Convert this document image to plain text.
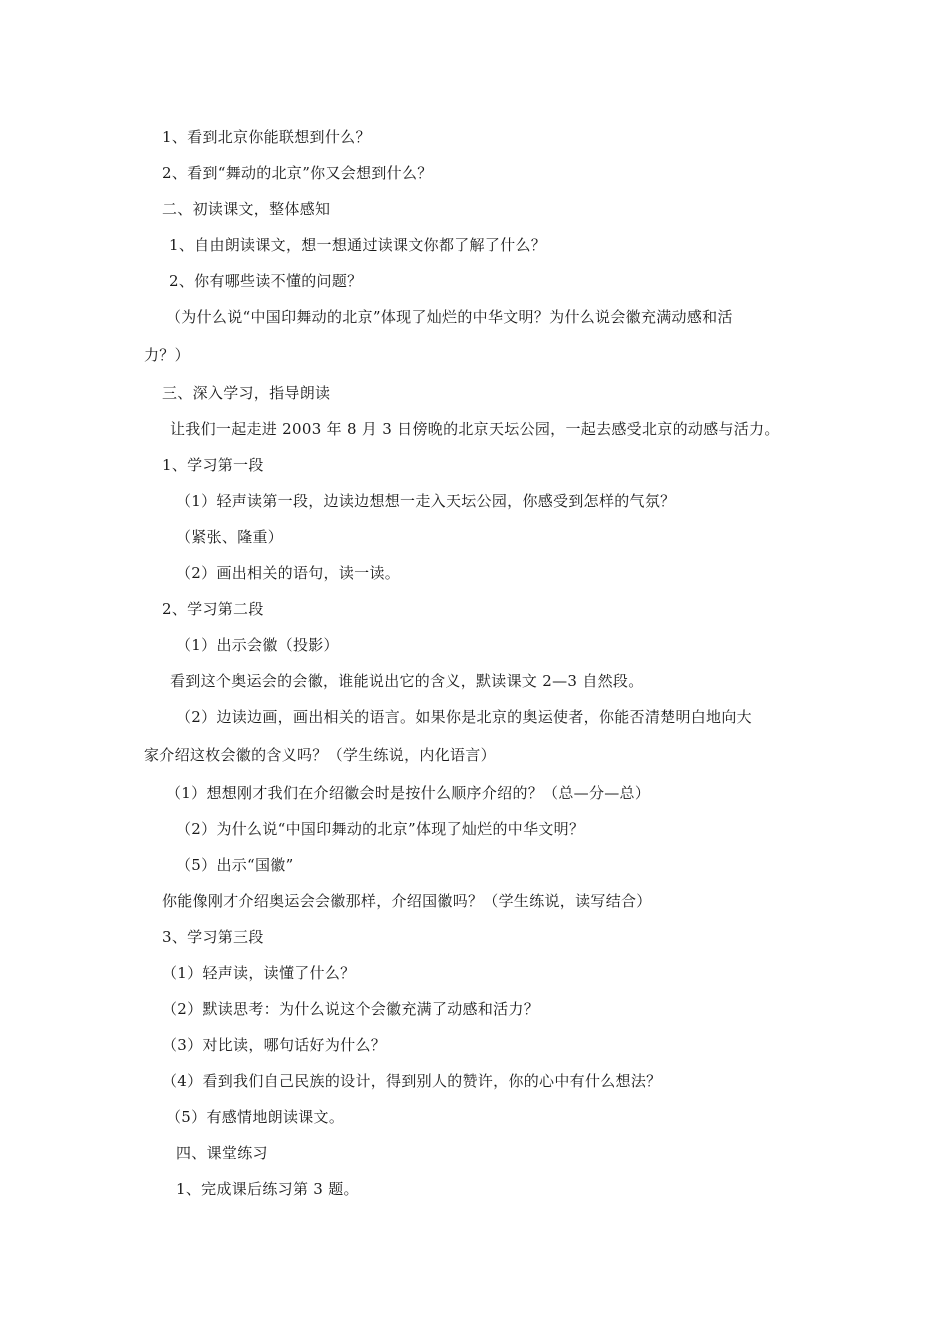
1、看到北京你能联想到什么？
2、看到“舞动的北京”你又会想到什么？
二、初读课文，整体感知
1、自由朗读课文，想一想通过读课文你都了解了什么？
2、你有哪些读不懂的问题？
（为什么说“中国印舞动的北京”体现了灿烂的中华文明？为什么说会徽充满动感和活
力？）
三、深入学习，指导朗读
让我们一起走进 2003 年 8 月 3 日傍晚的北京天坛公园，一起去感受北京的动感与活力。
1、学习第一段
（1）轻声读第一段，边读边想想一走入天坛公园，你感受到怎样的气氛？
（紧张、隆重）
（2）画出相关的语句，读一读。
2、学习第二段
（1）出示会徽（投影）
看到这个奥运会的会徽，谁能说出它的含义，默读课文 2—3 自然段。
（2）边读边画，画出相关的语言。如果你是北京的奥运使者，你能否清楚明白地向大
家介绍这枚会徽的含义吗？（学生练说，内化语言）
（1）想想刚才我们在介绍徽会时是按什么顺序介绍的？（总—分—总）
（2）为什么说“中国印舞动的北京”体现了灿烂的中华文明？
（5）出示“国徽”
你能像刚才介绍奥运会会徽那样，介绍国徽吗？（学生练说，读写结合）
3、学习第三段
（1）轻声读，读懂了什么？
（2）默读思考：为什么说这个会徽充满了动感和活力？
（3）对比读，哪句话好为什么？
（4）看到我们自己民族的设计，得到别人的赞许，你的心中有什么想法？
（5）有感情地朗读课文。
四、课堂练习
1、完成课后练习第 3 题。
